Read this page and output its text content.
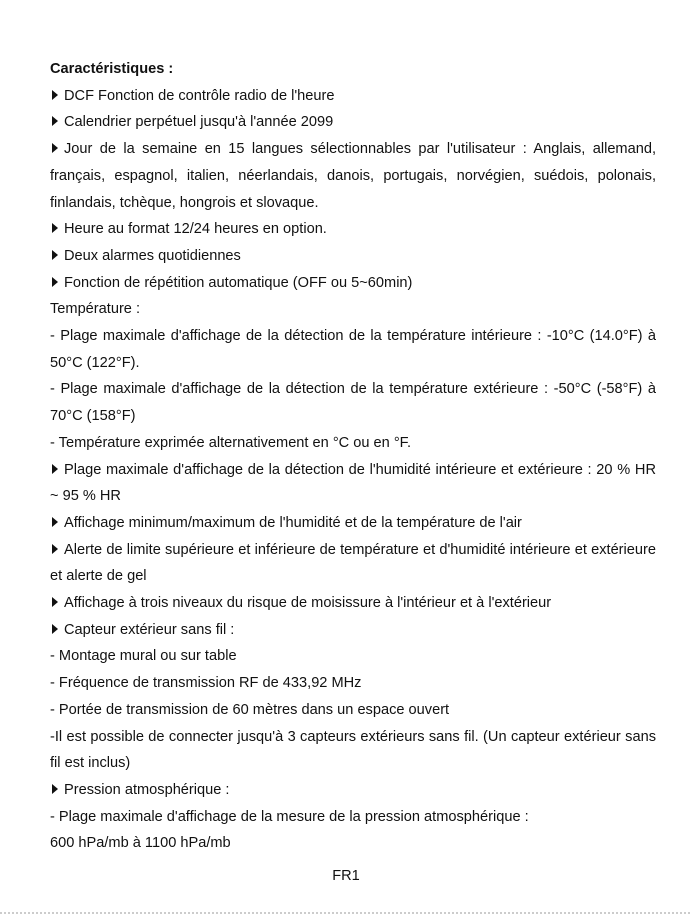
Caractéristiques :
DCF Fonction de contrôle radio de l'heure
Calendrier perpétuel jusqu'à l'année 2099
Jour de la semaine en 15 langues sélectionnables par l'utilisateur : Anglais, allemand, français, espagnol, italien, néerlandais, danois, portugais, norvégien, suédois, polonais, finlandais, tchèque, hongrois et slovaque.
Heure au format 12/24 heures en option.
Deux alarmes quotidiennes
Fonction de répétition automatique (OFF ou 5~60min)
Température :
- Plage maximale d'affichage de la détection de la température intérieure : -10°C (14.0°F) à 50°C (122°F).
- Plage maximale d'affichage de la détection de la température extérieure : -50°C (-58°F) à 70°C (158°F)
- Température exprimée alternativement en °C ou en °F.
Plage maximale d'affichage de la détection de l'humidité intérieure et extérieure : 20 % HR ~ 95 % HR
Affichage minimum/maximum de l'humidité et de la température de l'air
Alerte de limite supérieure et inférieure de température et d'humidité intérieure et extérieure et alerte de gel
Affichage à trois niveaux du risque de moisissure à l'intérieur et à l'extérieur
Capteur extérieur sans fil :
- Montage mural ou sur table
- Fréquence de transmission RF de 433,92 MHz
- Portée de transmission de 60 mètres dans un espace ouvert
-Il est possible de connecter jusqu'à 3 capteurs extérieurs sans fil. (Un capteur extérieur sans fil est inclus)
Pression atmosphérique :
- Plage maximale d'affichage de la mesure de la pression atmosphérique :
600 hPa/mb à 1100 hPa/mb
FR1
